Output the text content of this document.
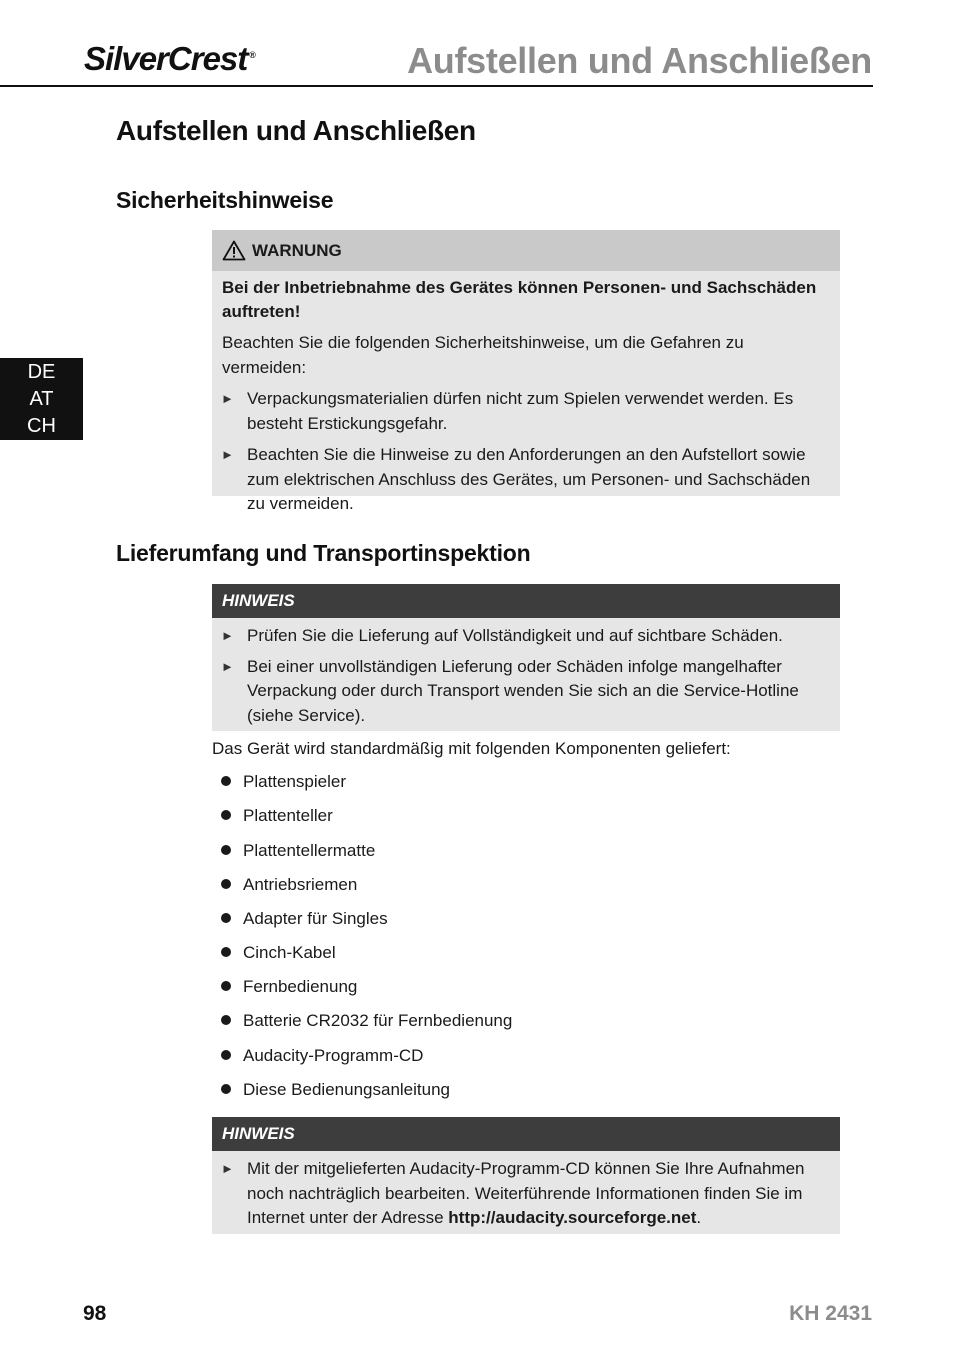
SilverCrest ®	Aufstellen und Anschließen
DE
AT
CH
Aufstellen und Anschließen
Sicherheitshinweise
WARNUNG
Bei der Inbetriebnahme des Gerätes können Personen- und Sachschäden auftreten!
Beachten Sie die folgenden Sicherheitshinweise, um die Gefahren zu vermeiden:
► Verpackungsmaterialien dürfen nicht zum Spielen verwendet werden. Es besteht Erstickungsgefahr.
► Beachten Sie die Hinweise zu den Anforderungen an den Aufstellort sowie zum elektrischen Anschluss des Gerätes, um Personen- und Sachschäden zu vermeiden.
Lieferumfang und Transportinspektion
HINWEIS
► Prüfen Sie die Lieferung auf Vollständigkeit und auf sichtbare Schäden.
► Bei einer unvollständigen Lieferung oder Schäden infolge mangelhafter Verpackung oder durch Transport wenden Sie sich an die Service-Hotline (siehe Service).
Das Gerät wird standardmäßig mit folgenden Komponenten geliefert:
Plattenspieler
Plattenteller
Plattentellermatte
Antriebsriemen
Adapter für Singles
Cinch-Kabel
Fernbedienung
Batterie CR2032 für Fernbedienung
Audacity-Programm-CD
Diese Bedienungsanleitung
HINWEIS
► Mit der mitgelieferten Audacity-Programm-CD können Sie Ihre Aufnahmen noch nachträglich bearbeiten. Weiterführende Informationen finden Sie im Internet unter der Adresse http://audacity.sourceforge.net.
98	KH 2431
